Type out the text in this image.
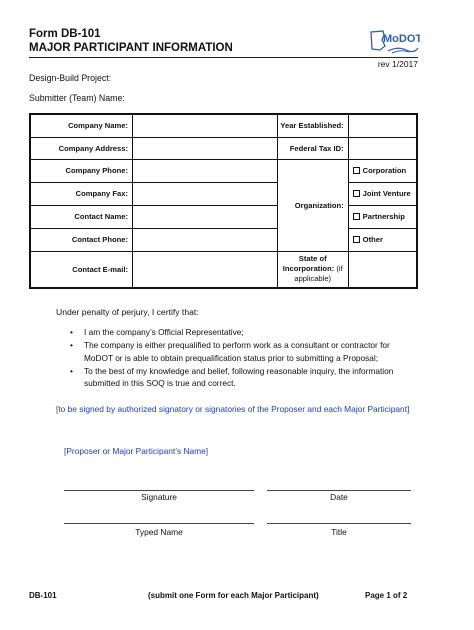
Form DB-101
MAJOR PARTICIPANT INFORMATION
MoDOT
rev 1/2017
Design-Build Project:
Submitter (Team) Name:
Company Name:		Year Established:	
Company Address:		Federal Tax ID:	
Company Phone:		Organization:	Corporation
Company Fax:			Joint Venture
Contact Name:			Partnership
Contact Phone:			Other
Contact E-mail:		State of
Incorporation: (if
applicable)	

Under penalty of perjury, I certify that:
• I am the company’s Official Representative;
• The company is either prequalified to perform work as a consultant or contractor for MoDOT or is able to obtain prequalification status prior to submitting a Proposal;
• To the best of my knowledge and belief, following reasonable inquiry, the information submitted in this SOQ is true and correct.
[to be signed by authorized signatory or signatories of the Proposer and each Major Participant]
[Proposer or Major Participant’s Name]
Signature	Date
Typed Name	Title
DB-101	(submit one Form for each Major Participant)	Page 1 of 2
